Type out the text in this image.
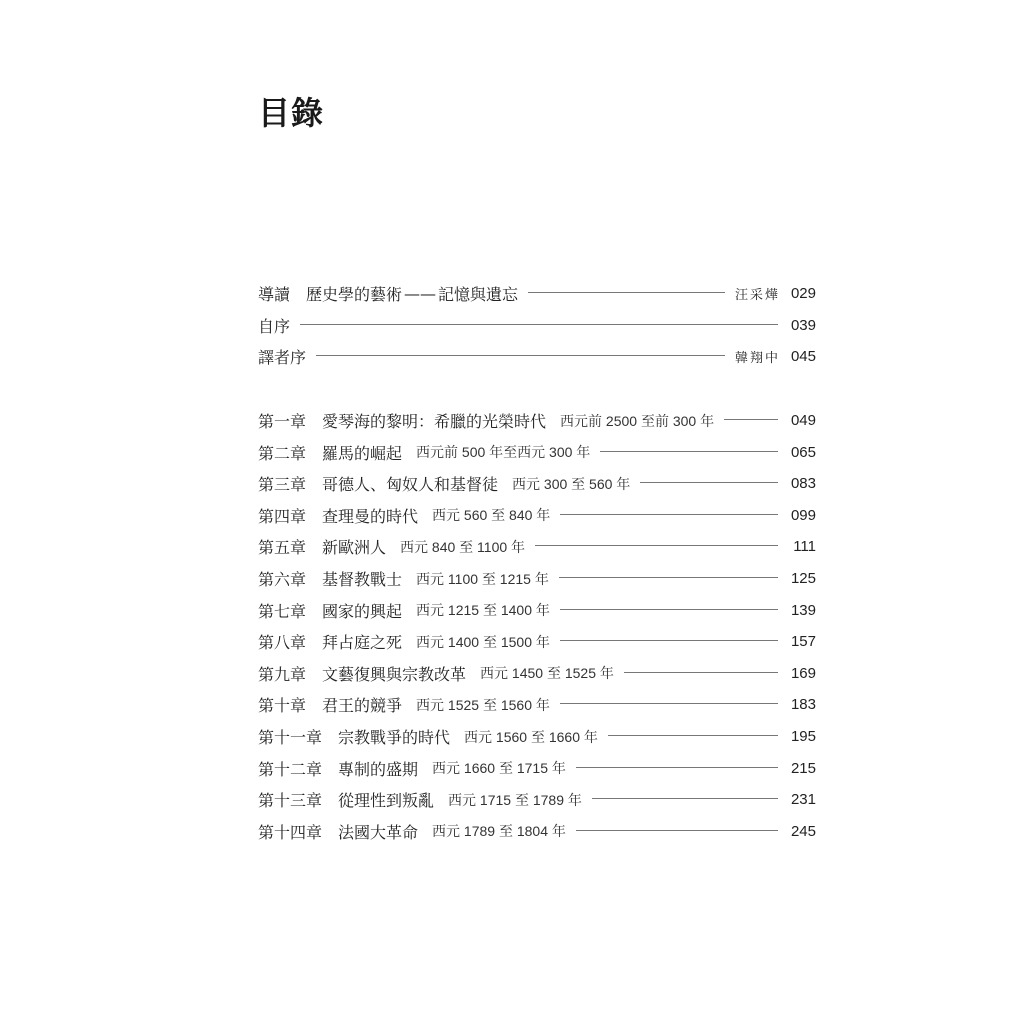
目錄
導讀 歷史學的藝術 —— 記憶與遺忘	汪采燁 029
自序	039
譯者序	韓翔中 045
第一章 愛琴海的黎明：希臘的光榮時代 西元前 2500 至前 300 年	049
第二章 羅馬的崛起 西元前 500 年至西元 300 年	065
第三章 哥德人、匈奴人和基督徒 西元 300 至 560 年	083
第四章 查理曼的時代 西元 560 至 840 年	099
第五章 新歐洲人 西元 840 至 1100 年	111
第六章 基督教戰士 西元 1100 至 1215 年	125
第七章 國家的興起 西元 1215 至 1400 年	139
第八章 拜占庭之死 西元 1400 至 1500 年	157
第九章 文藝復興與宗教改革 西元 1450 至 1525 年	169
第十章 君王的競爭 西元 1525 至 1560 年	183
第十一章 宗教戰爭的時代 西元 1560 至 1660 年	195
第十二章 專制的盛期 西元 1660 至 1715 年	215
第十三章 從理性到叛亂 西元 1715 至 1789 年	231
第十四章 法國大革命 西元 1789 至 1804 年	245
